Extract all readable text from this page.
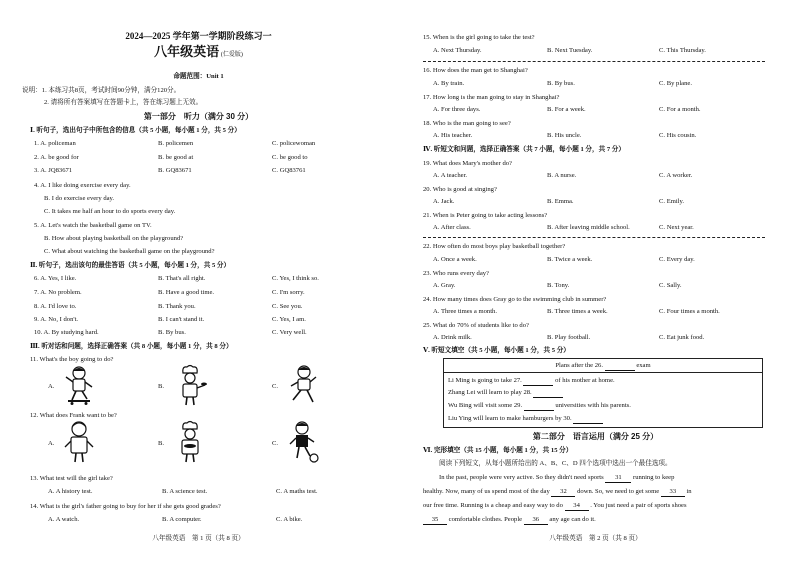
2024—2025 学年第一学期阶段练习一
八年级英语 (仁爱版)
命题范围：Unit 1
说明：1. 本练习共8页，考试时间90分钟，满分120分。
2. 请将所有答案填写在答题卡上，答在练习题上无效。
第一部分　听力（满分 30 分）
Ⅰ. 听句子，选出句子中所包含的信息（共 5 小题，每小题 1 分，共 5 分）
1. A. policeman	B. policemen	C. policewoman
2. A. be good for	B. be good at	C. be good to
3. A. JQ83671	B. GQ83671	C. GQ83761
4. A. I like doing exercise every day.
B. I do exercise every day.
C. It takes me half an hour to do sports every day.
5. A. Let's watch the basketball game on TV.
B. How about playing basketball on the playground?
C. What about watching the basketball game on the playground?
Ⅱ. 听句子，选出该句的最佳答语（共 5 小题，每小题 1 分，共 5 分）
6. A. Yes, I like.	B. That's all right.	C. Yes, I think so.
7. A. No problem.	B. Have a good time.	C. I'm sorry.
8. A. I'd love to.	B. Thank you.	C. See you.
9. A. No, I don't.	B. I can't stand it.	C. Yes, I am.
10. A. By studying hard.	B. By bus.	C. Very well.
Ⅲ. 听对话和问题，选择正确答案（共 8 小题，每小题 1 分，共 8 分）
11. What's the boy going to do?
A.	B.	C.
12. What does Frank want to be?
A.	B.	C.
13. What test will the girl take?
A. A history test.	B. A science test.	C. A maths test.
14. What is the girl's father going to buy for her if she gets good grades?
A. A watch.	B. A computer.	C. A bike.
八年级英语　第 1 页（共 8 页）
15. When is the girl going to take the test?
A. Next Thursday.	B. Next Tuesday.	C. This Thursday.
16. How does the man get to Shanghai?
A. By train.	B. By bus.	C. By plane.
17. How long is the man going to stay in Shanghai?
A. For three days.	B. For a week.	C. For a month.
18. Who is the man going to see?
A. His teacher.	B. His uncle.	C. His cousin.
Ⅳ. 听短文和问题，选择正确答案（共 7 小题，每小题 1 分，共 7 分）
19. What does Mary's mother do?
A. A teacher.	B. A nurse.	C. A worker.
20. Who is good at singing?
A. Jack.	B. Emma.	C. Emily.
21. When is Peter going to take acting lessons?
A. After class.	B. After leaving middle school.	C. Next year.
22. How often do most boys play basketball together?
A. Once a week.	B. Twice a week.	C. Every day.
23. Who runs every day?
A. Gray.	B. Tony.	C. Sally.
24. How many times does Gray go to the swimming club in summer?
A. Three times a month.	B. Three times a week.	C. Four times a month.
25. What do 70% of students like to do?
A. Drink milk.	B. Play football.	C. Eat junk food.
Ⅴ. 听短文填空（共 5 小题，每小题 1 分，共 5 分）
Plans after the 26.	exam
Li Ming is going to take 27.	of his mother at home.
Zhang Lei will learn to play 28.
Wu Bing will visit some 29.	universities with his parents.
Liu Ying will learn to make hamburgers by 30.
第二部分　语言运用（满分 25 分）
Ⅵ. 完形填空（共 15 小题，每小题 1 分，共 15 分）
阅读下列短文，从每小题所给出的 A、B、C、D 四个选项中选出一个最佳选项。
In the past, people were very active. So they didn't need sports 31 running to keep
healthy. Now, many of us spend most of the day 32 down. So, we need to get some 33 in
our free time. Running is a cheap and easy way to do 34 . You just need a pair of sports shoes
35 comfortable clothes. People 36 any age can do it.
八年级英语　第 2 页（共 8 页）
